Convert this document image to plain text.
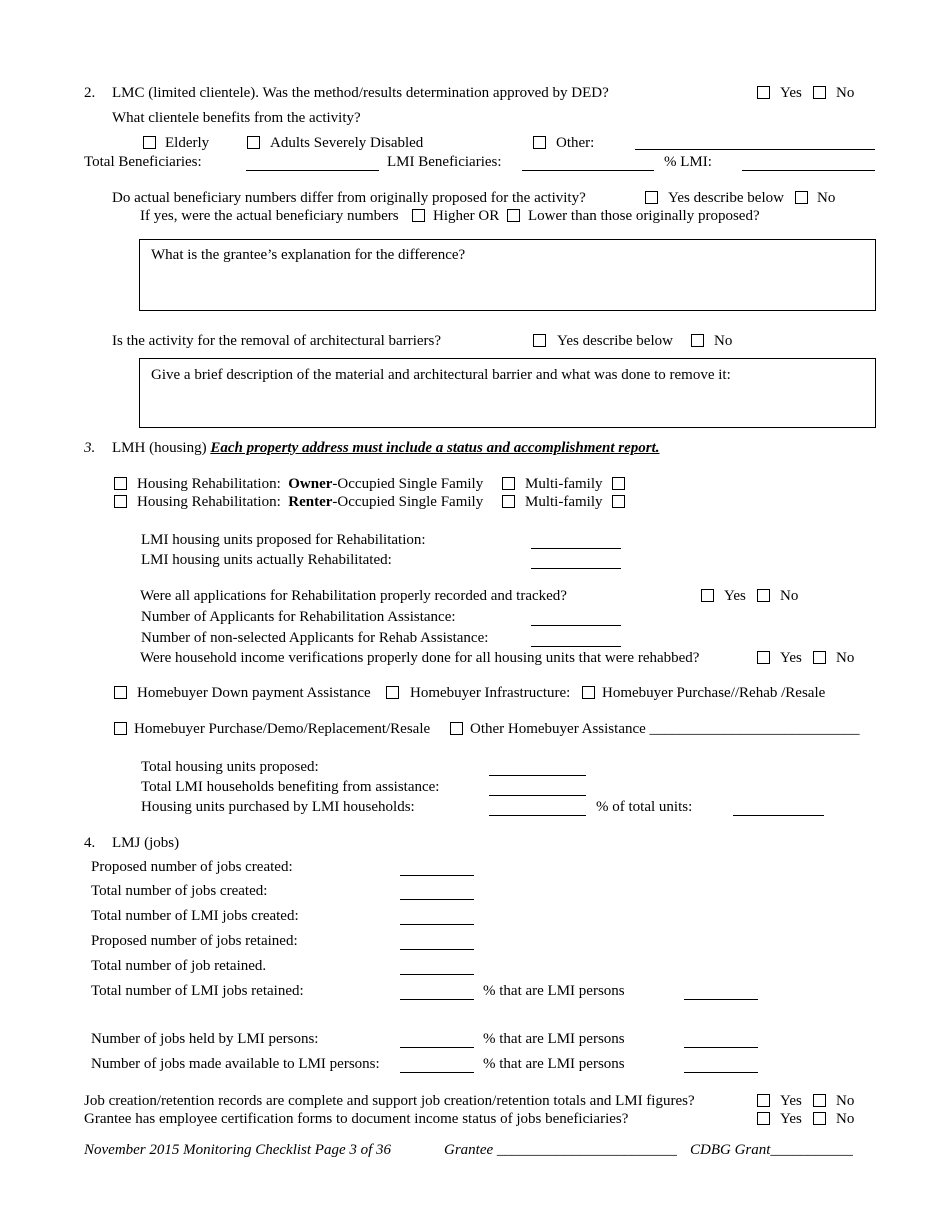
2. LMC (limited clientele). Was the method/results determination approved by DED?	Yes No
What clientele benefits from the activity?
Elderly	Adults Severely Disabled	Other:
Total Beneficiaries:	LMI Beneficiaries:	% LMI:
Do actual beneficiary numbers differ from originally proposed for the activity?	Yes describe below No
If yes, were the actual beneficiary numbers Higher OR Lower than those originally proposed?
What is the grantee’s explanation for the difference?
Is the activity for the removal of architectural barriers?	Yes describe below	No
Give a brief description of the material and architectural barrier and what was done to remove it:
3. LMH (housing) Each property address must include a status and accomplishment report.
Housing Rehabilitation: Owner-Occupied Single Family	Multi-family
Housing Rehabilitation: Renter-Occupied Single Family	Multi-family
LMI housing units proposed for Rehabilitation:
LMI housing units actually Rehabilitated:
Were all applications for Rehabilitation properly recorded and tracked?	Yes No
Number of Applicants for Rehabilitation Assistance:
Number of non-selected Applicants for Rehab Assistance:
Were household income verifications properly done for all housing units that were rehabbed?	Yes No
Homebuyer Down payment Assistance	Homebuyer Infrastructure: Homebuyer Purchase//Rehab /Resale
Homebuyer Purchase/Demo/Replacement/Resale	Other Homebuyer Assistance ____________________________
Total housing units proposed:
Total LMI households benefiting from assistance:
Housing units purchased by LMI households:	% of total units:
4. LMJ (jobs)
Proposed number of jobs created:
Total number of jobs created:
Total number of LMI jobs created:
Proposed number of jobs retained:
Total number of job retained.
Total number of LMI jobs retained:	% that are LMI persons
Number of jobs held by LMI persons:	% that are LMI persons
Number of jobs made available to LMI persons:	% that are LMI persons
Job creation/retention records are complete and support job creation/retention totals and LMI figures?	Yes No
Grantee has employee certification forms to document income status of jobs beneficiaries?	Yes No
November 2015 Monitoring Checklist Page 3 of 36	Grantee ________________________ CDBG Grant___________
